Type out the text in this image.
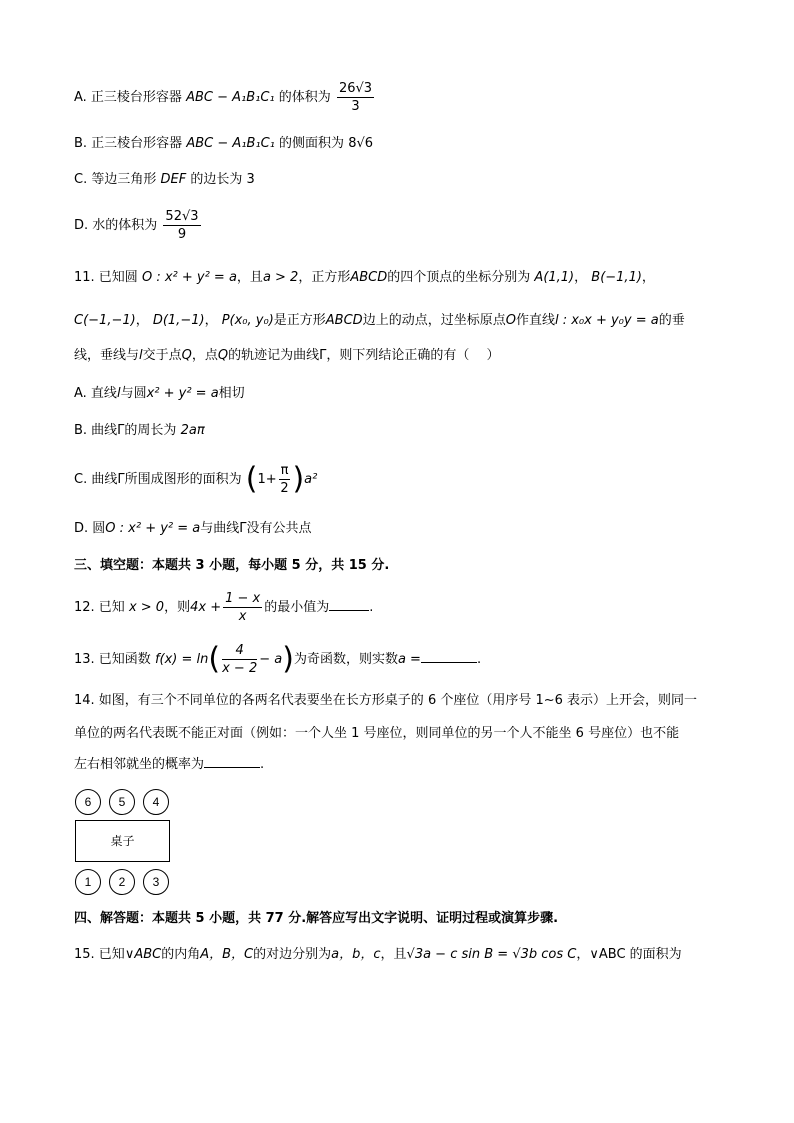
A. 正三棱台形容器 ABC − A₁B₁C₁ 的体积为 $\frac{26√3}{3}$
B. 正三棱台形容器 ABC − A₁B₁C₁ 的侧面积为 8√6
C. 等边三角形 DEF 的边长为 3
D. 水的体积为 $\frac{52√3}{9}$
11. 已知圆 O : x² + y² = a，且a > 2，正方形ABCD的四个顶点的坐标分别为 A(1,1)， B(−1,1)，
C(−1,−1)， D(1,−1)， P(x₀, y₀)是正方形ABCD边上的动点，过坐标原点O作直线l : x₀x + y₀y = a的垂
线，垂线与l交于点Q，点Q的轨迹记为曲线Γ，则下列结论正确的有（　 ）
A. 直线l与圆x² + y² = a相切
B. 曲线Γ的周长为 2aπ
C. 曲线Γ所围成图形的面积为 $(1+ \frac{\pi}{2} )a^2$
D. 圆O : x² + y² = a与曲线Γ没有公共点
三、填空题：本题共 3 小题，每小题 5 分，共 15 分.
12. 已知 x > 0，则$4x + \frac{1 - x}{x}$ 的最小值为	.
13. 已知函数 $f(x) = \ln( \frac{4}{x - 2} - a)$为奇函数，则实数a =	.
14. 如图，有三个不同单位的各两名代表要坐在长方形桌子的 6 个座位（用序号 1~6 表示）上开会，则同一
单位的两名代表既不能正对面（例如：一个人坐 1 号座位，则同单位的另一个人不能坐 6 号座位）也不能
左右相邻就坐的概率为	.
6	5	4
桌子
1	2	3
四、解答题：本题共 5 小题，共 77 分.解答应写出文字说明、证明过程或演算步骤.
15. 已知∨ABC的内角A，B，C的对边分别为a，b，c，且√3a − c sin B = √3b cos C，∨ABC 的面积为
